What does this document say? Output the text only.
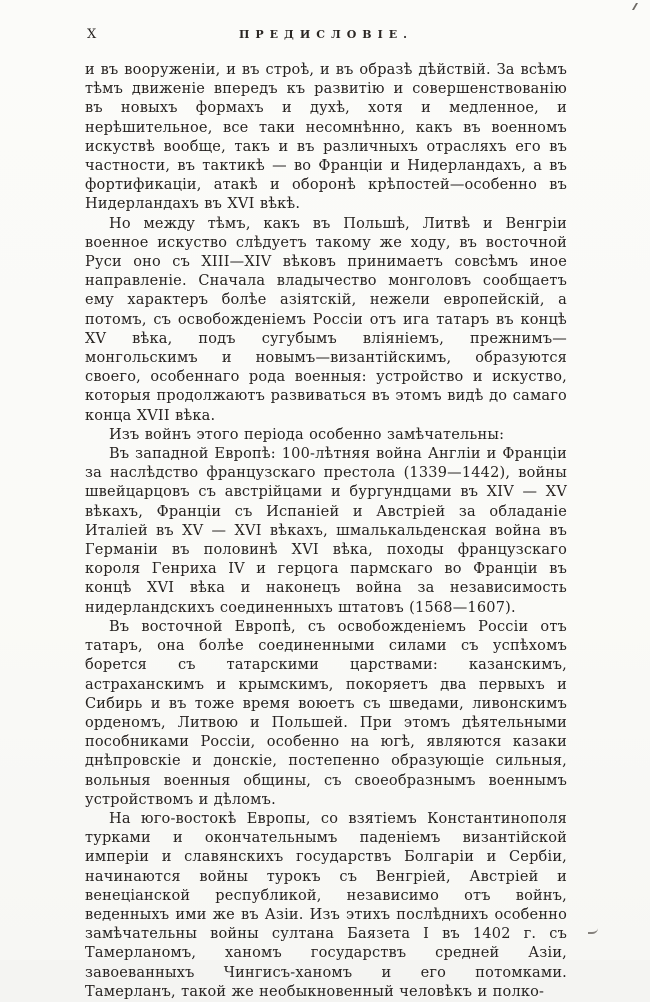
X	ПРЕДИСЛОВІЕ.

и въ вооруженіи, и въ строѣ, и въ образѣ дѣйствій. За всѣмъ тѣмъ движеніе впередъ къ развитію и совершенствованію въ новыхъ формахъ и духѣ, хотя и медленное, и нерѣшительное, все таки несомнѣнно, какъ въ военномъ искуствѣ вообще, такъ и въ различныхъ отрасляхъ его въ частности, въ тактикѣ — во Франціи и Нидерландахъ, а въ фортификаціи, атакѣ и оборонѣ крѣпостей—особенно въ Нидерландахъ въ XVI вѣкѣ.

Но между тѣмъ, какъ въ Польшѣ, Литвѣ и Венгріи военное искуство слѣдуетъ такому же ходу, въ восточной Руси оно съ XIII—XIV вѣковъ принимаетъ совсѣмъ иное направленіе. Сначала владычество монголовъ сообщаетъ ему характеръ болѣе азіятскій, нежели европейскій, а потомъ, съ освобожденіемъ Россіи отъ ига татаръ въ концѣ XV вѣка, подъ сугубымъ вліяніемъ, прежнимъ—монгольскимъ и новымъ—византійскимъ, образуются своего, особеннаго рода военныя: устройство и искуство, которыя продолжаютъ развиваться въ этомъ видѣ до самаго конца XVII вѣка.

Изъ войнъ этого періода особенно замѣчательны:

Въ западной Европѣ: 100-лѣтняя война Англіи и Франціи за наслѣдство французскаго престола (1339—1442), войны швейцарцовъ съ австрійцами и бургундцами въ XIV — XV вѣкахъ, Франціи съ Испаніей и Австріей за обладаніе Италіей въ XV — XVI вѣкахъ, шмалькальденская война въ Германіи въ половинѣ XVI вѣка, походы французскаго короля Генриха IV и герцога пармскаго во Франціи въ концѣ XVI вѣка и наконецъ война за независимость нидерландскихъ соединенныхъ штатовъ (1568—1607).

Въ восточной Европѣ, съ освобожденіемъ Россіи отъ татаръ, она болѣе соединенными силами съ успѣхомъ борется съ татарскими царствами: казанскимъ, астраханскимъ и крымскимъ, покоряетъ два первыхъ и Сибирь и въ тоже время воюетъ съ шведами, ливонскимъ орденомъ, Литвою и Польшей. При этомъ дѣятельными пособниками Россіи, особенно на югѣ, являются казаки днѣпровскіе и донскіе, постепенно образующіе сильныя, вольныя военныя общины, съ своеобразнымъ военнымъ устройствомъ и дѣломъ.

На юго-востокѣ Европы, со взятіемъ Константинополя турками и окончательнымъ паденіемъ византійской имперіи и славянскихъ государствъ Болгаріи и Сербіи, начинаются войны турокъ съ Венгріей, Австріей и венеціанской республикой, независимо отъ войнъ, веденныхъ ими же въ Азіи. Изъ этихъ послѣднихъ особенно замѣчательны войны султана Баязета I въ 1402 г. съ Тамерланомъ, ханомъ государствъ средней Азіи, завоеванныхъ Чингисъ-ханомъ и его потомками. Тамерланъ, такой же необыкновенный человѣкъ и полко-
